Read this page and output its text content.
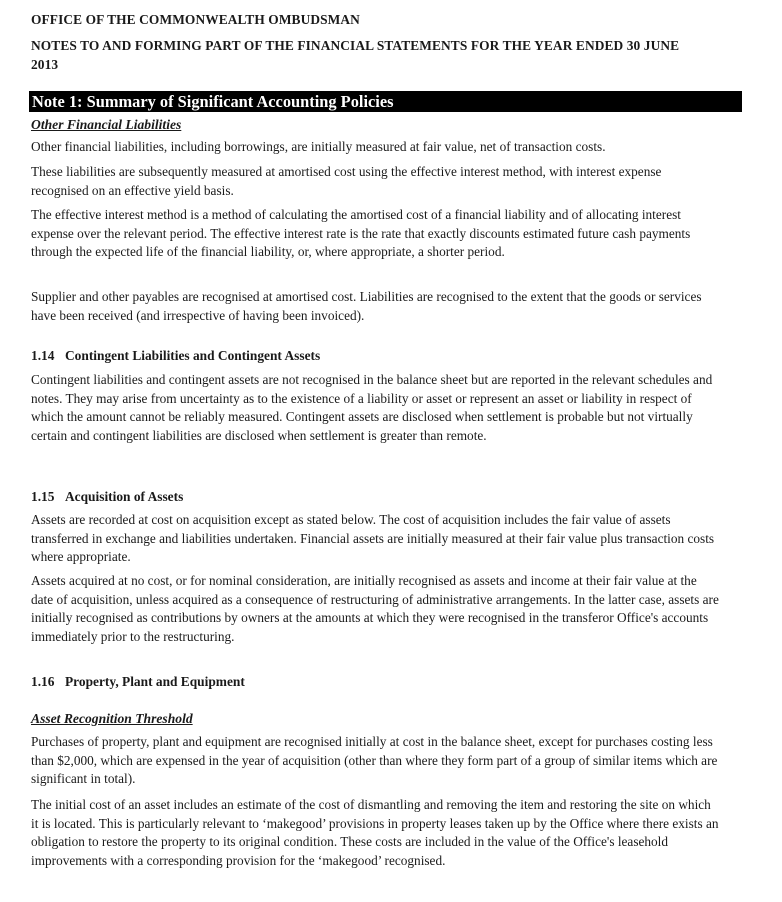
OFFICE OF THE COMMONWEALTH OMBUDSMAN
NOTES TO AND FORMING PART OF THE FINANCIAL STATEMENTS FOR THE YEAR ENDED 30 JUNE
2013
Note 1: Summary of Significant Accounting Policies
Other Financial Liabilities
Other financial liabilities, including borrowings, are initially measured at fair value, net of transaction costs.
These liabilities are subsequently measured at amortised cost using the effective interest method, with interest expense recognised on an effective yield basis.
The effective interest method is a method of calculating the amortised cost of a financial liability and of allocating interest expense over the relevant period. The effective interest rate is the rate that exactly discounts estimated future cash payments through the expected life of the financial liability, or, where appropriate, a shorter period.
Supplier and other payables are recognised at amortised cost. Liabilities are recognised to the extent that the goods or services have been received (and irrespective of having been invoiced).
1.14 Contingent Liabilities and Contingent Assets
Contingent liabilities and contingent assets are not recognised in the balance sheet but are reported in the relevant schedules and notes. They may arise from uncertainty as to the existence of a liability or asset or represent an asset or liability in respect of which the amount cannot be reliably measured. Contingent assets are disclosed when settlement is probable but not virtually certain and contingent liabilities are disclosed when settlement is greater than remote.
1.15 Acquisition of Assets
Assets are recorded at cost on acquisition except as stated below. The cost of acquisition includes the fair value of assets transferred in exchange and liabilities undertaken. Financial assets are initially measured at their fair value plus transaction costs where appropriate.
Assets acquired at no cost, or for nominal consideration, are initially recognised as assets and income at their fair value at the date of acquisition, unless acquired as a consequence of restructuring of administrative arrangements. In the latter case, assets are initially recognised as contributions by owners at the amounts at which they were recognised in the transferor Office's accounts immediately prior to the restructuring.
1.16 Property, Plant and Equipment
Asset Recognition Threshold
Purchases of property, plant and equipment are recognised initially at cost in the balance sheet, except for purchases costing less than $2,000, which are expensed in the year of acquisition (other than where they form part of a group of similar items which are significant in total).
The initial cost of an asset includes an estimate of the cost of dismantling and removing the item and restoring the site on which it is located. This is particularly relevant to ‘makegood’ provisions in property leases taken up by the Office where there exists an obligation to restore the property to its original condition. These costs are included in the value of the Office's leasehold improvements with a corresponding provision for the ‘makegood’ recognised.
